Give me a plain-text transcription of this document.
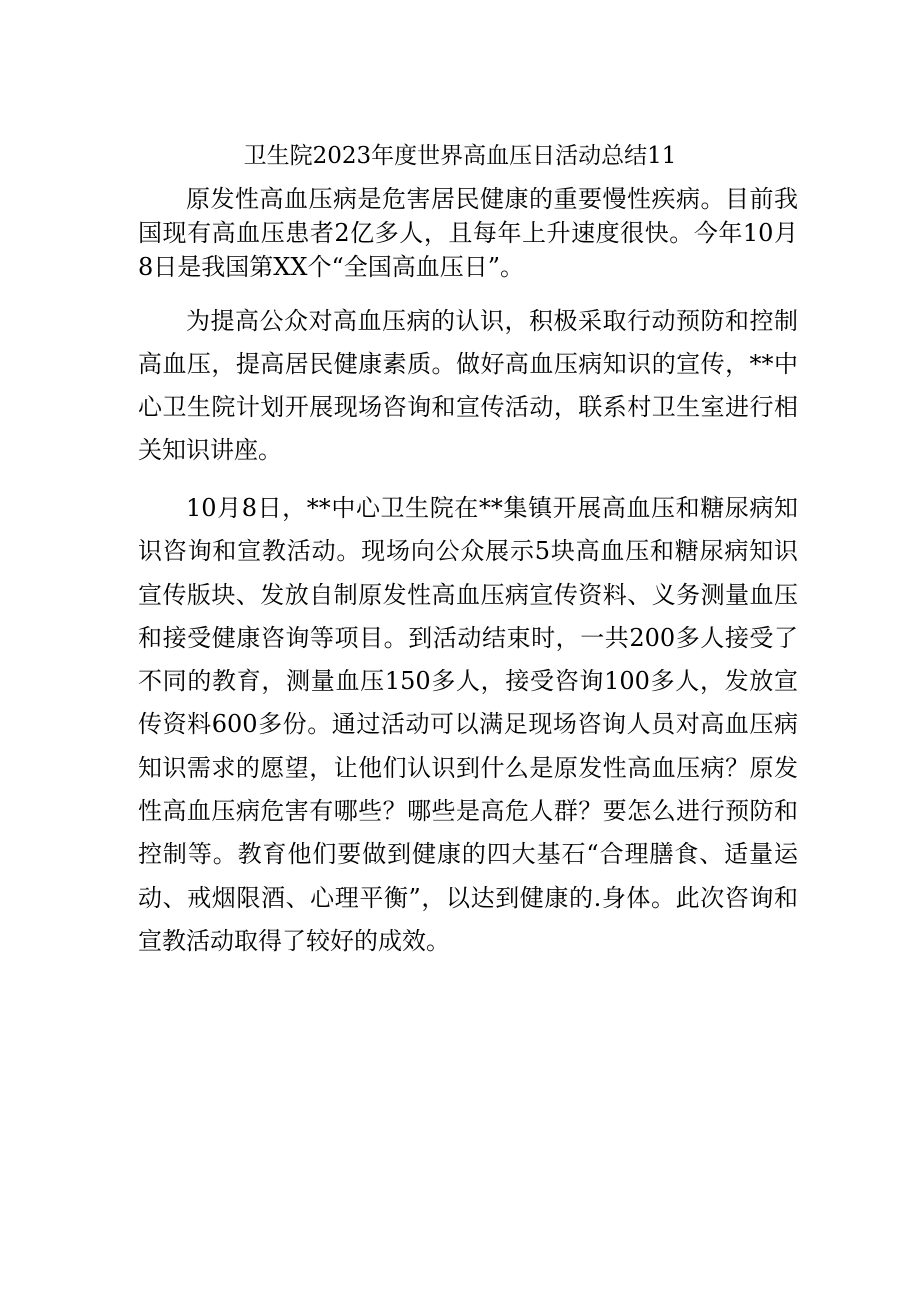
卫生院2023年度世界高血压日活动总结11

原发性高血压病是危害居民健康的重要慢性疾病。目前我国现有高血压患者2亿多人，且每年上升速度很快。今年10月8日是我国第XX个“全国高血压日”。

为提高公众对高血压病的认识，积极采取行动预防和控制高血压，提高居民健康素质。做好高血压病知识的宣传，**中心卫生院计划开展现场咨询和宣传活动，联系村卫生室进行相关知识讲座。

10月8日，**中心卫生院在**集镇开展高血压和糖尿病知识咨询和宣教活动。现场向公众展示5块高血压和糖尿病知识宣传版块、发放自制原发性高血压病宣传资料、义务测量血压和接受健康咨询等项目。到活动结束时，一共200多人接受了不同的教育，测量血压150多人，接受咨询100多人，发放宣传资料600多份。通过活动可以满足现场咨询人员对高血压病知识需求的愿望，让他们认识到什么是原发性高血压病？原发性高血压病危害有哪些？哪些是高危人群？要怎么进行预防和控制等。教育他们要做到健康的四大基石“合理膳食、适量运动、戒烟限酒、心理平衡”，以达到健康的.身体。此次咨询和宣教活动取得了较好的成效。
